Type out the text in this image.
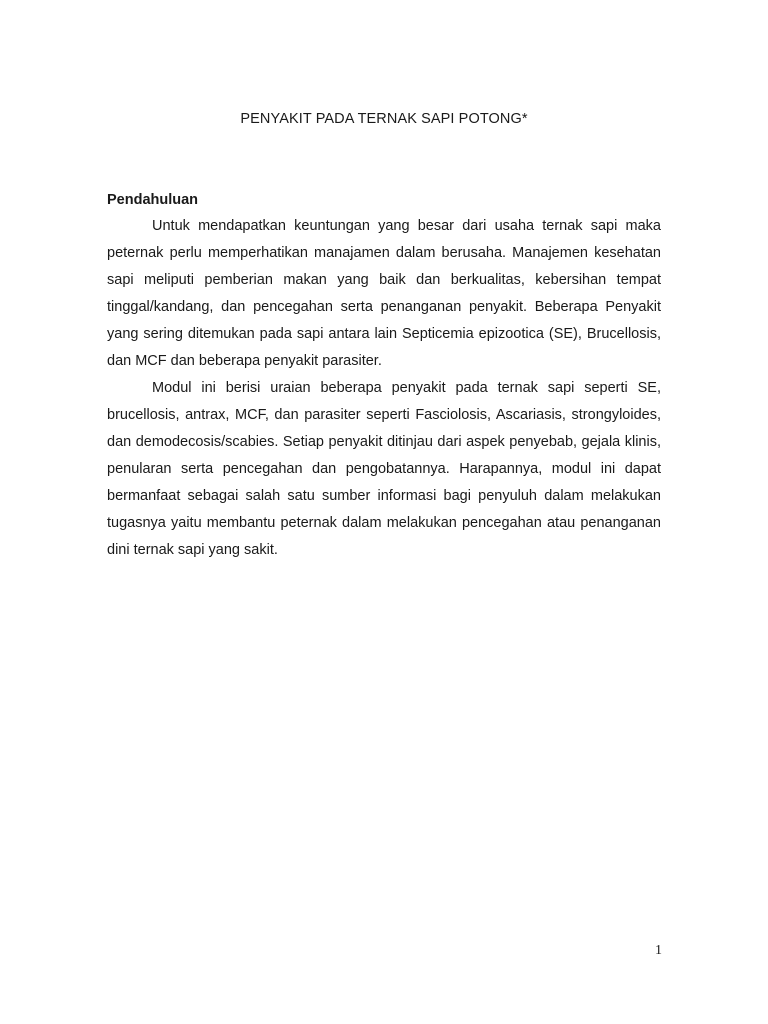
PENYAKIT PADA TERNAK SAPI POTONG*
Pendahuluan

Untuk mendapatkan keuntungan yang besar dari usaha ternak sapi maka peternak perlu memperhatikan manajamen dalam berusaha. Manajemen kesehatan sapi meliputi pemberian makan yang baik dan berkualitas, kebersihan tempat tinggal/kandang, dan pencegahan serta penanganan penyakit. Beberapa Penyakit yang sering ditemukan pada sapi antara lain Septicemia epizootica (SE), Brucellosis, dan MCF dan beberapa penyakit parasiter.

Modul ini berisi uraian beberapa penyakit pada ternak sapi seperti SE, brucellosis, antrax, MCF, dan parasiter seperti Fasciolosis, Ascariasis, strongyloides, dan demodecosis/scabies. Setiap penyakit ditinjau dari aspek penyebab, gejala klinis, penularan serta pencegahan dan pengobatannya. Harapannya, modul ini dapat bermanfaat sebagai salah satu sumber informasi bagi penyuluh dalam melakukan tugasnya yaitu membantu peternak dalam melakukan pencegahan atau penanganan dini ternak sapi yang sakit.

1
